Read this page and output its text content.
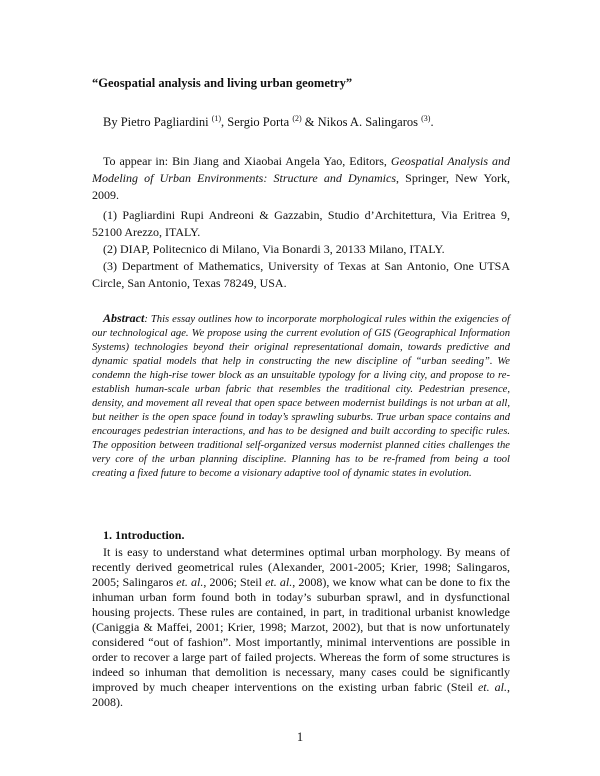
“Geospatial analysis and living urban geometry”
By Pietro Pagliardini $^{(1)}$, Sergio Porta $^{(2)}$ & Nikos A. Salingaros $^{(3)}$.
To appear in: Bin Jiang and Xiaobai Angela Yao, Editors, Geospatial Analysis and Modeling of Urban Environments: Structure and Dynamics, Springer, New York, 2009.
(1) Pagliardini Rupi Andreoni & Gazzabin, Studio d’Architettura, Via Eritrea 9, 52100 Arezzo, ITALY.
(2) DIAP, Politecnico di Milano, Via Bonardi 3, 20133 Milano, ITALY.
(3) Department of Mathematics, University of Texas at San Antonio, One UTSA Circle, San Antonio, Texas 78249, USA.
Abstract: This essay outlines how to incorporate morphological rules within the exigencies of our technological age. We propose using the current evolution of GIS (Geographical Information Systems) technologies beyond their original representational domain, towards predictive and dynamic spatial models that help in constructing the new discipline of “urban seeding”. We condemn the high-rise tower block as an unsuitable typology for a living city, and propose to re-establish human-scale urban fabric that resembles the traditional city. Pedestrian presence, density, and movement all reveal that open space between modernist buildings is not urban at all, but neither is the open space found in today’s sprawling suburbs. True urban space contains and encourages pedestrian interactions, and has to be designed and built according to specific rules. The opposition between traditional self-organized versus modernist planned cities challenges the very core of the urban planning discipline. Planning has to be re-framed from being a tool creating a fixed future to become a visionary adaptive tool of dynamic states in evolution.
1. 1ntroduction.
It is easy to understand what determines optimal urban morphology. By means of recently derived geometrical rules (Alexander, 2001-2005; Krier, 1998; Salingaros, 2005; Salingaros et. al., 2006; Steil et. al., 2008), we know what can be done to fix the inhuman urban form found both in today’s suburban sprawl, and in dysfunctional housing projects. These rules are contained, in part, in traditional urbanist knowledge (Caniggia & Maffei, 2001; Krier, 1998; Marzot, 2002), but that is now unfortunately considered “out of fashion”. Most importantly, minimal interventions are possible in order to recover a large part of failed projects. Whereas the form of some structures is indeed so inhuman that demolition is necessary, many cases could be significantly improved by much cheaper interventions on the existing urban fabric (Steil et. al., 2008).
1
